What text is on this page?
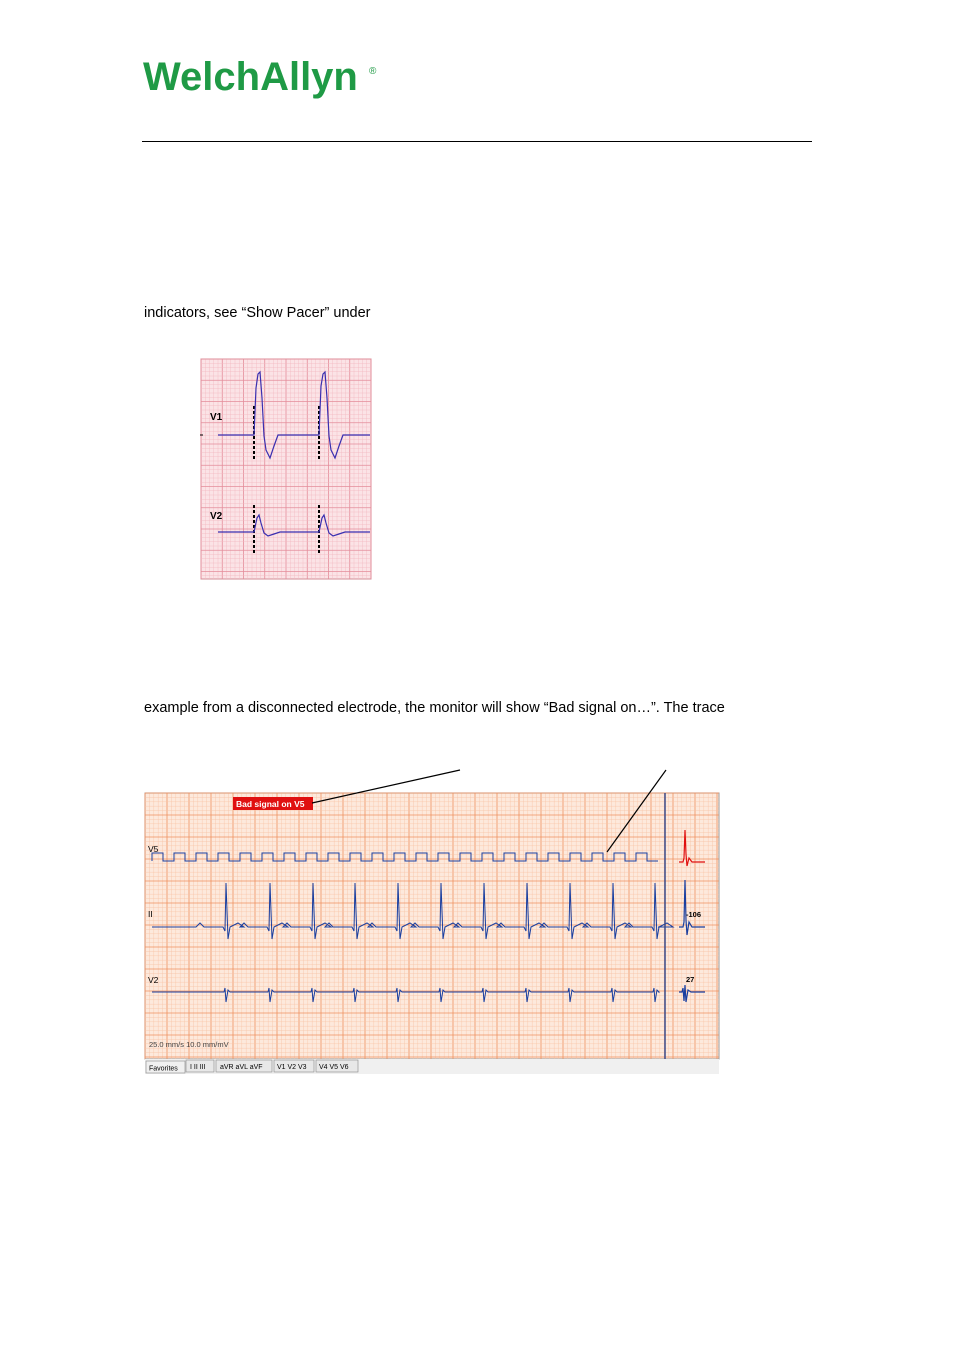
WelchAllyn ®
indicators, see “Show Pacer” under
V1
V2
example from a disconnected electrode, the monitor will show “Bad signal on…”. The trace
Bad signal on V5
V5
II
V2
-106
27
25.0 mm/s 10.0 mm/mV
Favorites I II III aVR aVL aVF V1 V2 V3 V4 V5 V6
